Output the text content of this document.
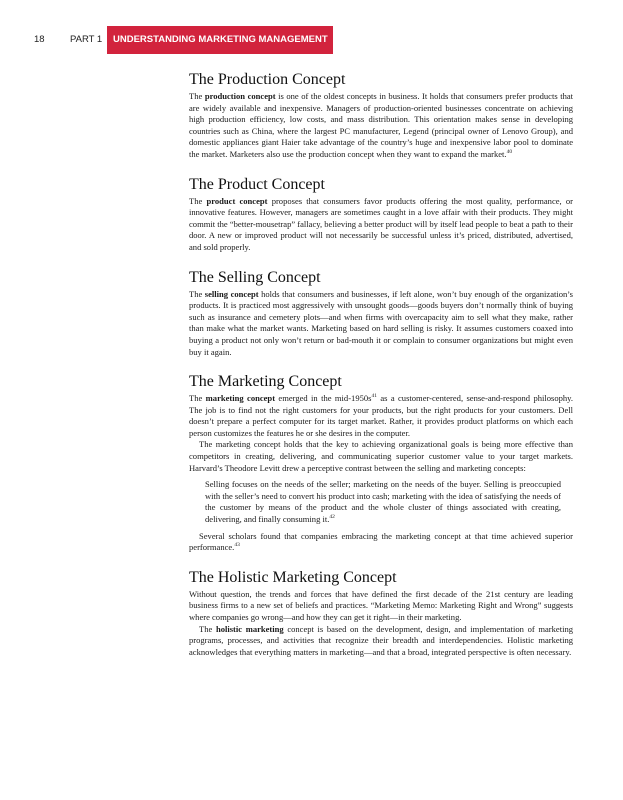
18	PART 1	UNDERSTANDING MARKETING MANAGEMENT
The Production Concept

The production concept is one of the oldest concepts in business. It holds that consumers prefer products that are widely available and inexpensive. Managers of production-oriented businesses concentrate on achieving high production efficiency, low costs, and mass distribution. This orientation makes sense in developing countries such as China, where the largest PC manufacturer, Legend (principal owner of Lenovo Group), and domestic appliances giant Haier take advantage of the country’s huge and inexpensive labor pool to dominate the market. Marketers also use the production concept when they want to expand the market.$^{40}$

The Product Concept

The product concept proposes that consumers favor products offering the most quality, performance, or innovative features. However, managers are sometimes caught in a love affair with their products. They might commit the “better-mousetrap” fallacy, believing a better product will by itself lead people to beat a path to their door. A new or improved product will not necessarily be successful unless it’s priced, distributed, advertised, and sold properly.

The Selling Concept

The selling concept holds that consumers and businesses, if left alone, won’t buy enough of the organization’s products. It is practiced most aggressively with unsought goods—goods buyers don’t normally think of buying such as insurance and cemetery plots—and when firms with overcapacity aim to sell what they make, rather than make what the market wants. Marketing based on hard selling is risky. It assumes customers coaxed into buying a product not only won’t return or bad-mouth it or complain to consumer organizations but might even buy it again.

The Marketing Concept

The marketing concept emerged in the mid-$1950s^{41}$ as a customer-centered, sense-and-respond philosophy. The job is to find not the right customers for your products, but the right products for your customers. Dell doesn’t prepare a perfect computer for its target market. Rather, it provides product platforms on which each person customizes the features he or she desires in the computer.

The marketing concept holds that the key to achieving organizational goals is being more effective than competitors in creating, delivering, and communicating superior customer value to your target markets. Harvard’s Theodore Levitt drew a perceptive contrast between the selling and marketing concepts:

Selling focuses on the needs of the seller; marketing on the needs of the buyer. Selling is preoccupied with the seller’s need to convert his product into cash; marketing with the idea of satisfying the needs of the customer by means of the product and the whole cluster of things associated with creating, delivering, and finally consuming it.$^{42}$

Several scholars found that companies embracing the marketing concept at that time achieved superior performance.$^{43}$

The Holistic Marketing Concept

Without question, the trends and forces that have defined the first decade of the 21st century are leading business firms to a new set of beliefs and practices. “Marketing Memo: Marketing Right and Wrong” suggests where companies go wrong—and how they can get it right—in their marketing.

The holistic marketing concept is based on the development, design, and implementation of marketing programs, processes, and activities that recognize their breadth and interdependencies. Holistic marketing acknowledges that everything matters in marketing—and that a broad, integrated perspective is often necessary.
